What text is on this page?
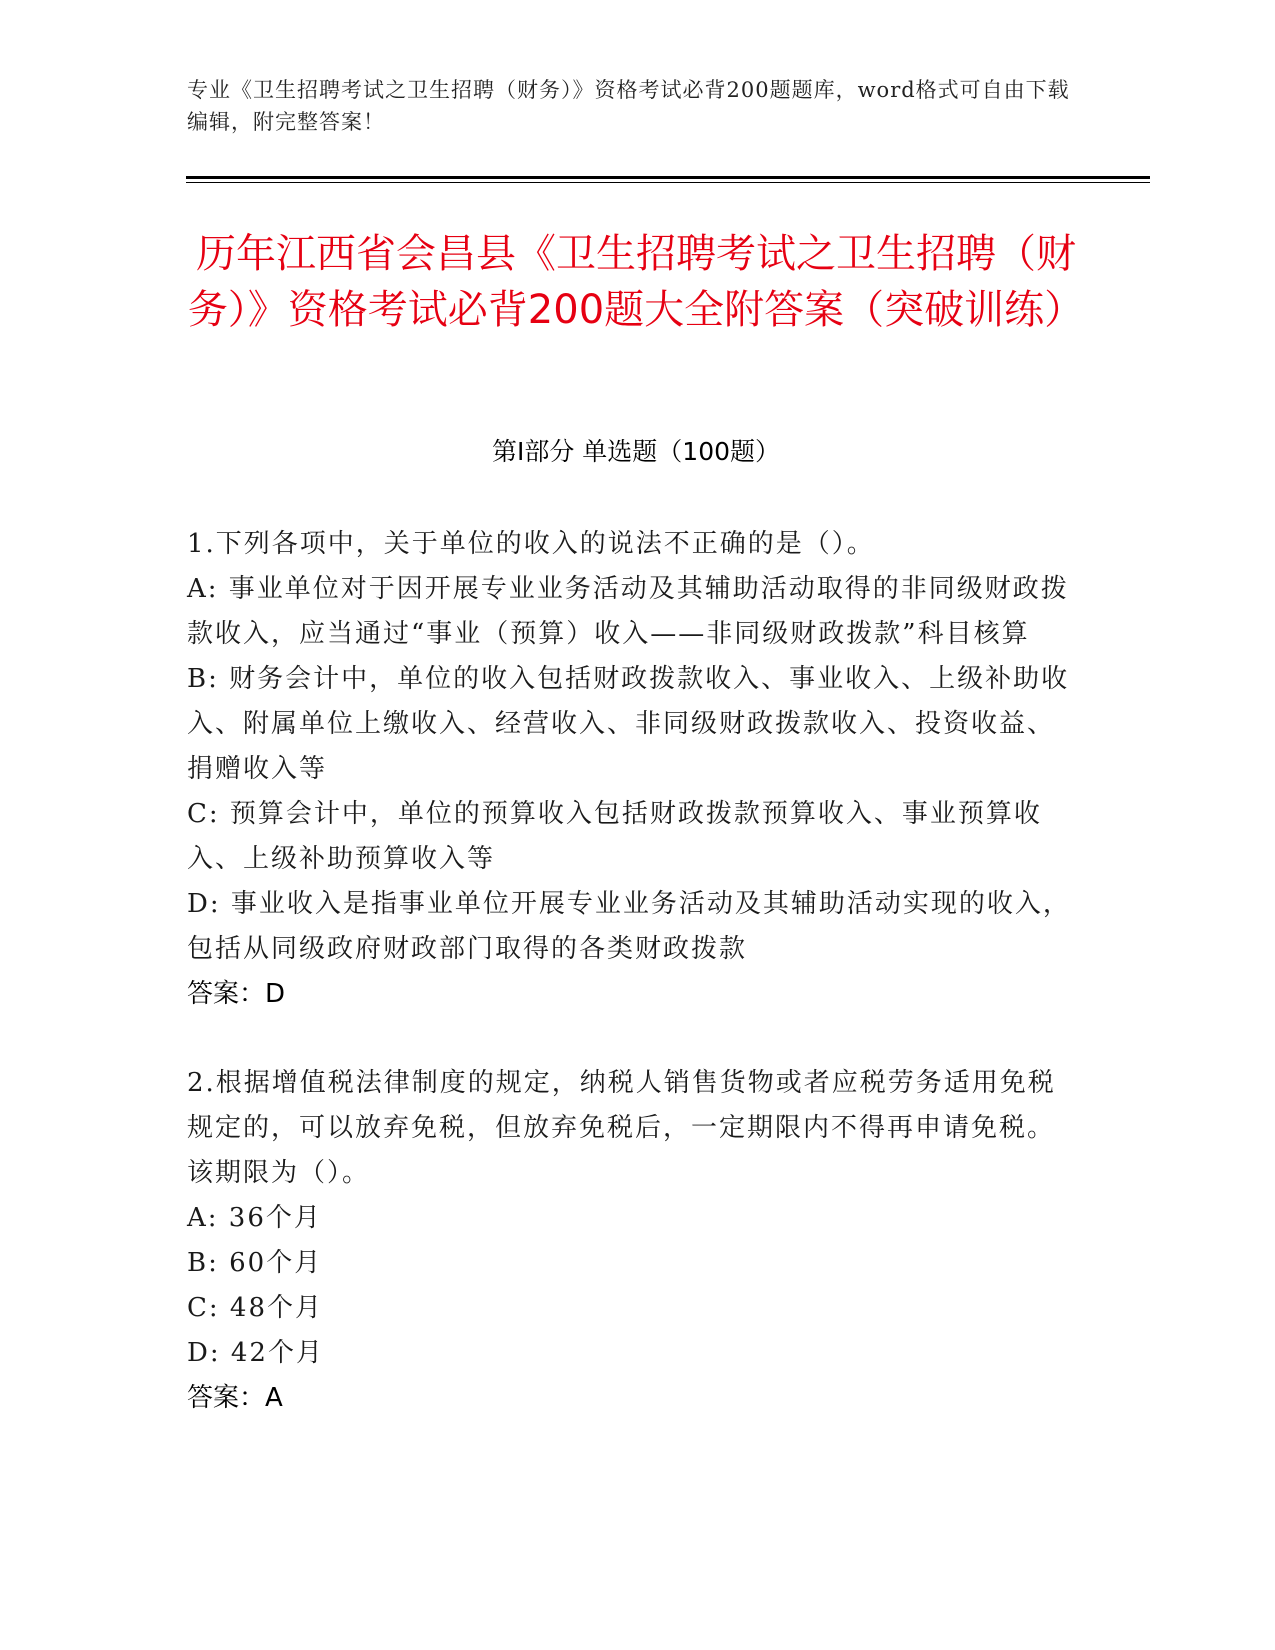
专业《卫生招聘考试之卫生招聘（财务）》资格考试必背200题题库，word格式可自由下载编辑，附完整答案！
历年江西省会昌县《卫生招聘考试之卫生招聘（财务）》资格考试必背200题大全附答案（突破训练）
第I部分 单选题（100题）

1.下列各项中，关于单位的收入的说法不正确的是（）。

A: 事业单位对于因开展专业业务活动及其辅助活动取得的非同级财政拨款收入，应当通过“事业（预算）收入——非同级财政拨款”科目核算

B: 财务会计中，单位的收入包括财政拨款收入、事业收入、上级补助收入、附属单位上缴收入、经营收入、非同级财政拨款收入、投资收益、捐赠收入等

C: 预算会计中，单位的预算收入包括财政拨款预算收入、事业预算收入、上级补助预算收入等

D: 事业收入是指事业单位开展专业业务活动及其辅助活动实现的收入，包括从同级政府财政部门取得的各类财政拨款

答案：D

2.根据增值税法律制度的规定，纳税人销售货物或者应税劳务适用免税规定的，可以放弃免税，但放弃免税后，一定期限内不得再申请免税。该期限为（）。

A: 36个月

B: 60个月

C: 48个月

D: 42个月

答案：A
